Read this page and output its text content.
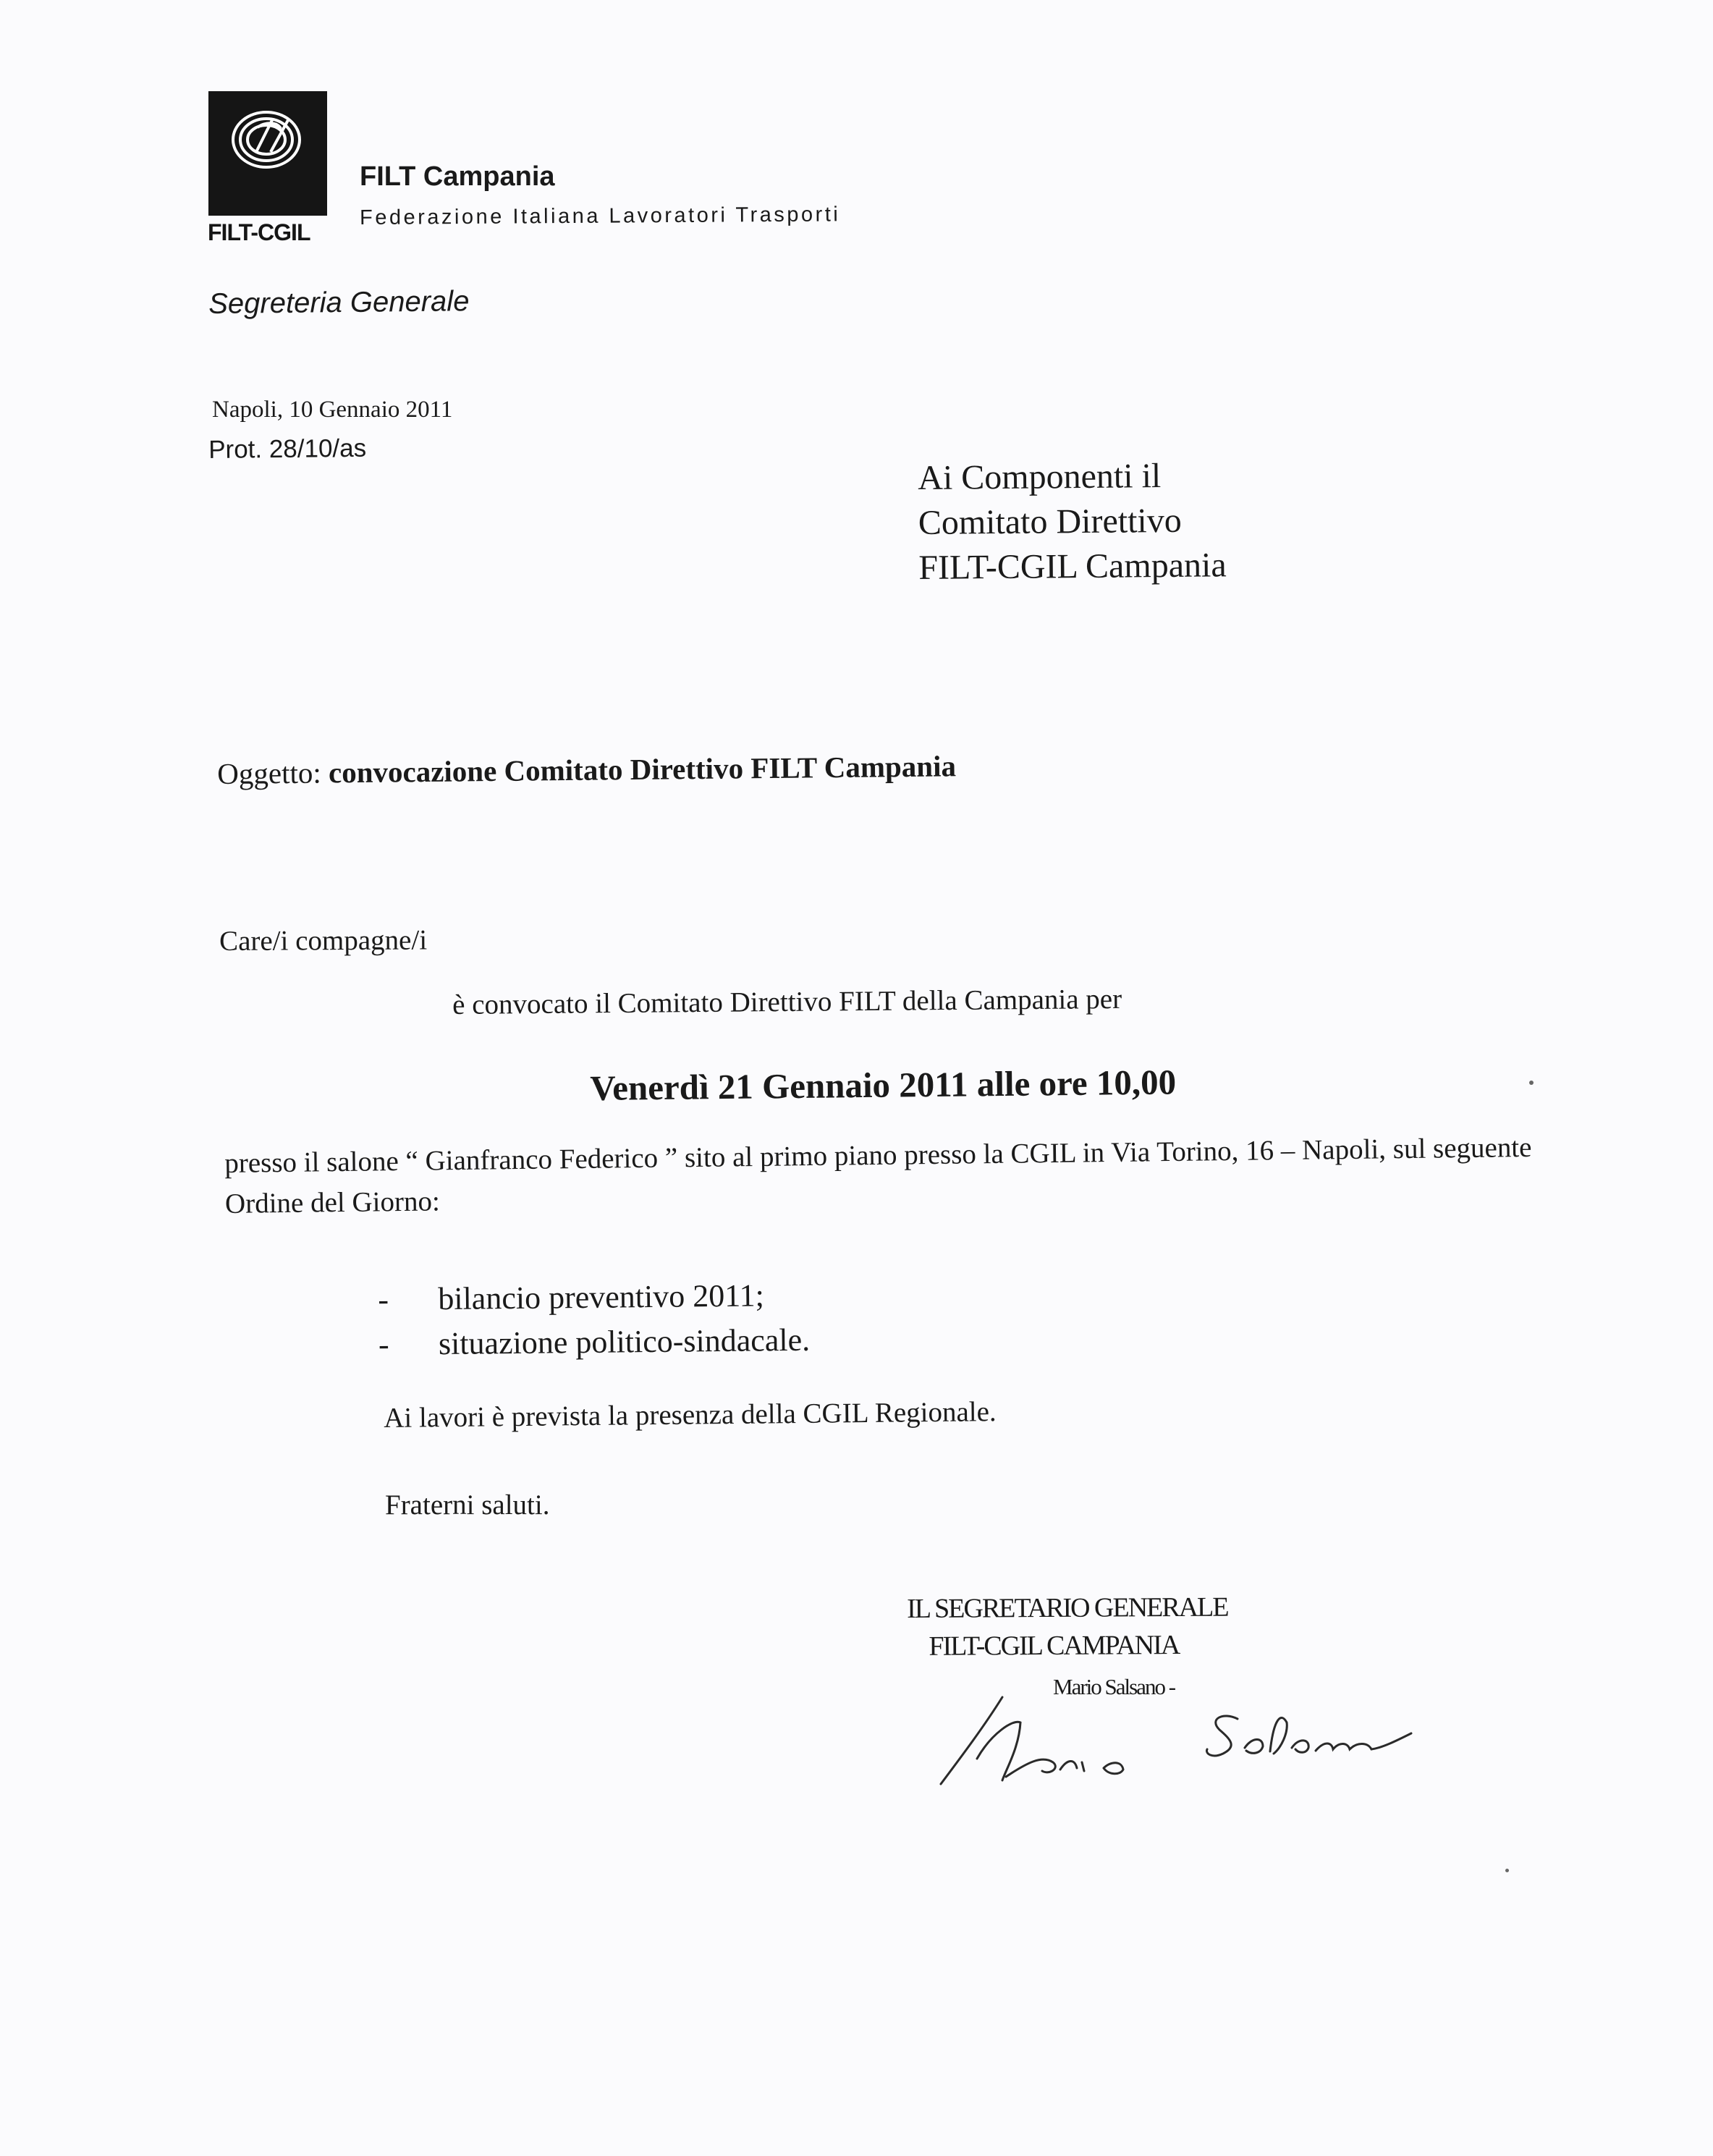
FILT-CGIL
FILT Campania
Federazione Italiana Lavoratori Trasporti
Segreteria Generale
Napoli, 10 Gennaio 2011
Prot. 28/10/as
Ai Componenti il
Comitato Direttivo
FILT-CGIL Campania
Oggetto: convocazione Comitato Direttivo FILT Campania
Care/i compagne/i
è convocato il Comitato Direttivo FILT della Campania per
Venerdì 21 Gennaio 2011 alle ore 10,00
presso il salone “ Gianfranco Federico ” sito al primo piano presso la CGIL in Via Torino, 16 – Napoli, sul seguente Ordine del Giorno:
- bilancio preventivo 2011;
- situazione politico-sindacale.
Ai lavori è prevista la presenza della CGIL Regionale.
Fraterni saluti.
IL SEGRETARIO GENERALE
FILT-CGIL CAMPANIA
Mario Salsano -
